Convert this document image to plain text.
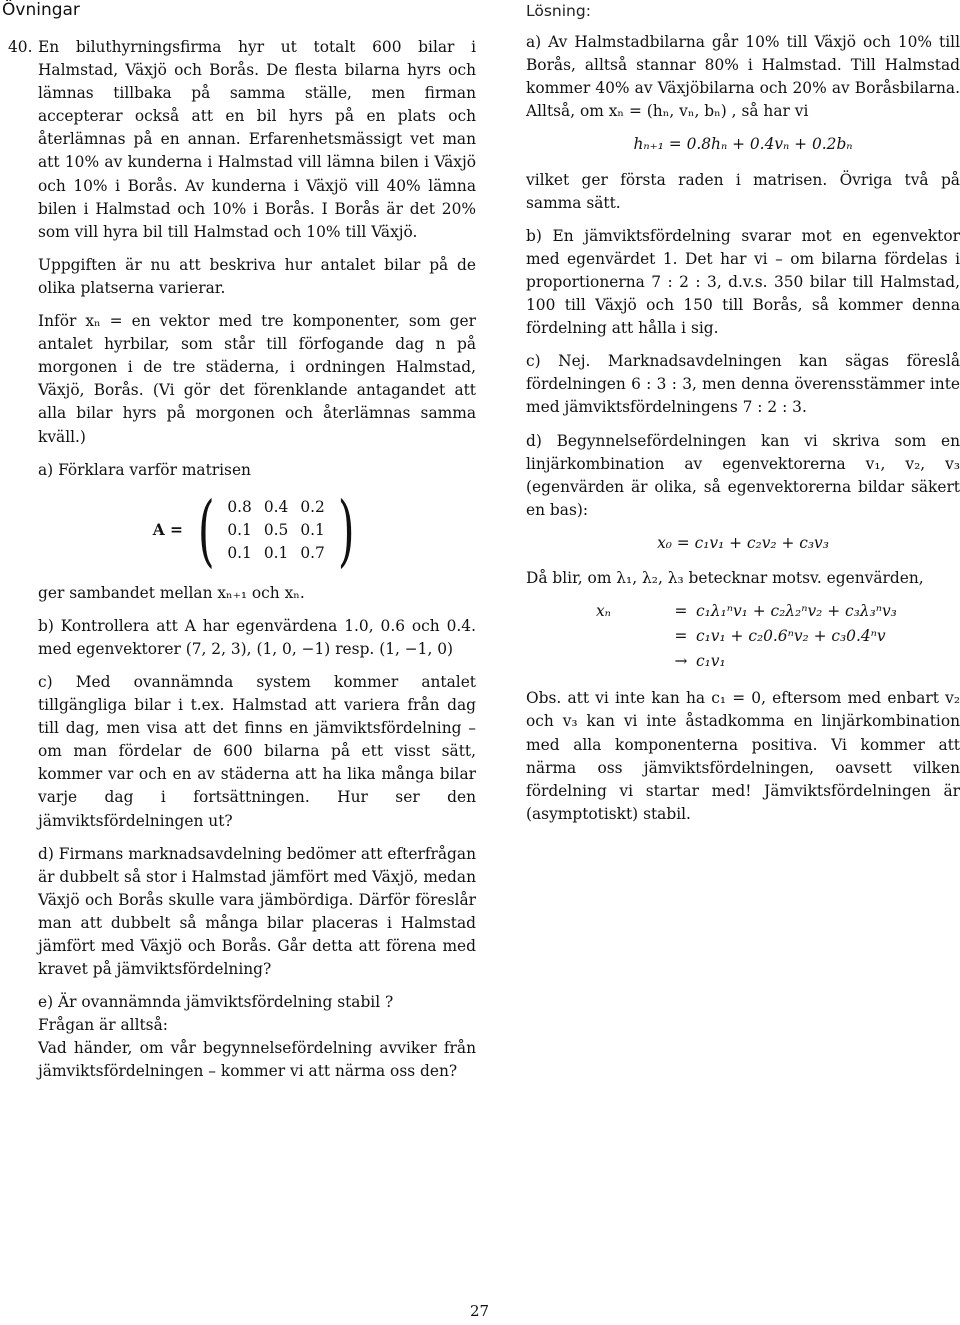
Övningar
40. En biluthyrningsfirma hyr ut totalt 600 bilar i Halmstad, Växjö och Borås. De flesta bilarna hyrs och lämnas tillbaka på samma ställe, men firman accepterar också att en bil hyrs på en plats och återlämnas på en annan. Erfarenhetsmässigt vet man att 10% av kunderna i Halmstad vill lämna bilen i Växjö och 10% i Borås. Av kunderna i Växjö vill 40% lämna bilen i Halmstad och 10% i Borås. I Borås är det 20% som vill hyra bil till Halmstad och 10% till Växjö.

Uppgiften är nu att beskriva hur antalet bilar på de olika platserna varierar.

Inför xₙ = en vektor med tre komponenter, som ger antalet hyrbilar, som står till förfogande dag n på morgonen i de tre städerna, i ordningen Halmstad, Växjö, Borås. (Vi gör det förenklande antagandet att alla bilar hyrs på morgonen och återlämnas samma kväll.)

a) Förklara varför matrisen

A = ( 0.8	0.4	0.2
0.1	0.5	0.1
0.1	0.1	0.7 )

ger sambandet mellan xₙ₊₁ och xₙ.

b) Kontrollera att A har egenvärdena 1.0, 0.6 och 0.4. med egenvektorer (7, 2, 3), (1, 0, −1) resp. (1, −1, 0)

c) Med ovannämnda system kommer antalet tillgängliga bilar i t.ex. Halmstad att variera från dag till dag, men visa att det finns en jämviktsfördelning – om man fördelar de 600 bilarna på ett visst sätt, kommer var och en av städerna att ha lika många bilar varje dag i fortsättningen. Hur ser den jämviktsfördelningen ut?

d) Firmans marknadsavdelning bedömer att efterfrågan är dubbelt så stor i Halmstad jämfört med Växjö, medan Växjö och Borås skulle vara jämbördiga. Därför föreslår man att dubbelt så många bilar placeras i Halmstad jämfört med Växjö och Borås. Går detta att förena med kravet på jämviktsfördelning?

e) Är ovannämnda jämviktsfördelning stabil ?
Frågan är alltså:

Vad händer, om vår begynnelsefördelning avviker från jämviktsfördelningen – kommer vi att närma oss den?

Lösning:

a) Av Halmstadbilarna går 10% till Växjö och 10% till Borås, alltså stannar 80% i Halmstad. Till Halmstad kommer 40% av Växjöbilarna och 20% av Boråsbilarna. Alltså, om xₙ = (hₙ, vₙ, bₙ) , så har vi

hₙ₊₁ = 0.8hₙ + 0.4vₙ + 0.2bₙ

vilket ger första raden i matrisen. Övriga två på samma sätt.

b) En jämviktsfördelning svarar mot en egenvektor med egenvärdet 1. Det har vi – om bilarna fördelas i proportionerna 7 : 2 : 3, d.v.s. 350 bilar till Halmstad, 100 till Växjö och 150 till Borås, så kommer denna fördelning att hålla i sig.

c) Nej. Marknadsavdelningen kan sägas föreslå fördelningen 6 : 3 : 3, men denna överensstämmer inte med jämviktsfördelningens 7 : 2 : 3.

d) Begynnelsefördelningen kan vi skriva som en linjärkombination av egenvektorerna v₁, v₂, v₃ (egenvärden är olika, så egenvektorerna bildar säkert en bas):

x₀ = c₁v₁ + c₂v₂ + c₃v₃

Då blir, om λ₁, λ₂, λ₃ betecknar motsv. egenvärden,

xₙ	= c₁λ₁ⁿv₁ + c₂λ₂ⁿv₂ + c₃λ₃ⁿv₃
= c₁v₁ + c₂0.6ⁿv₂ + c₃0.4ⁿv
→ c₁v₁

Obs. att vi inte kan ha c₁ = 0, eftersom med enbart v₂ och v₃ kan vi inte åstadkomma en linjärkombination med alla komponenterna positiva. Vi kommer att närma oss jämviktsfördelningen, oavsett vilken fördelning vi startar med! Jämviktsfördelningen är (asymptotiskt) stabil.

27
